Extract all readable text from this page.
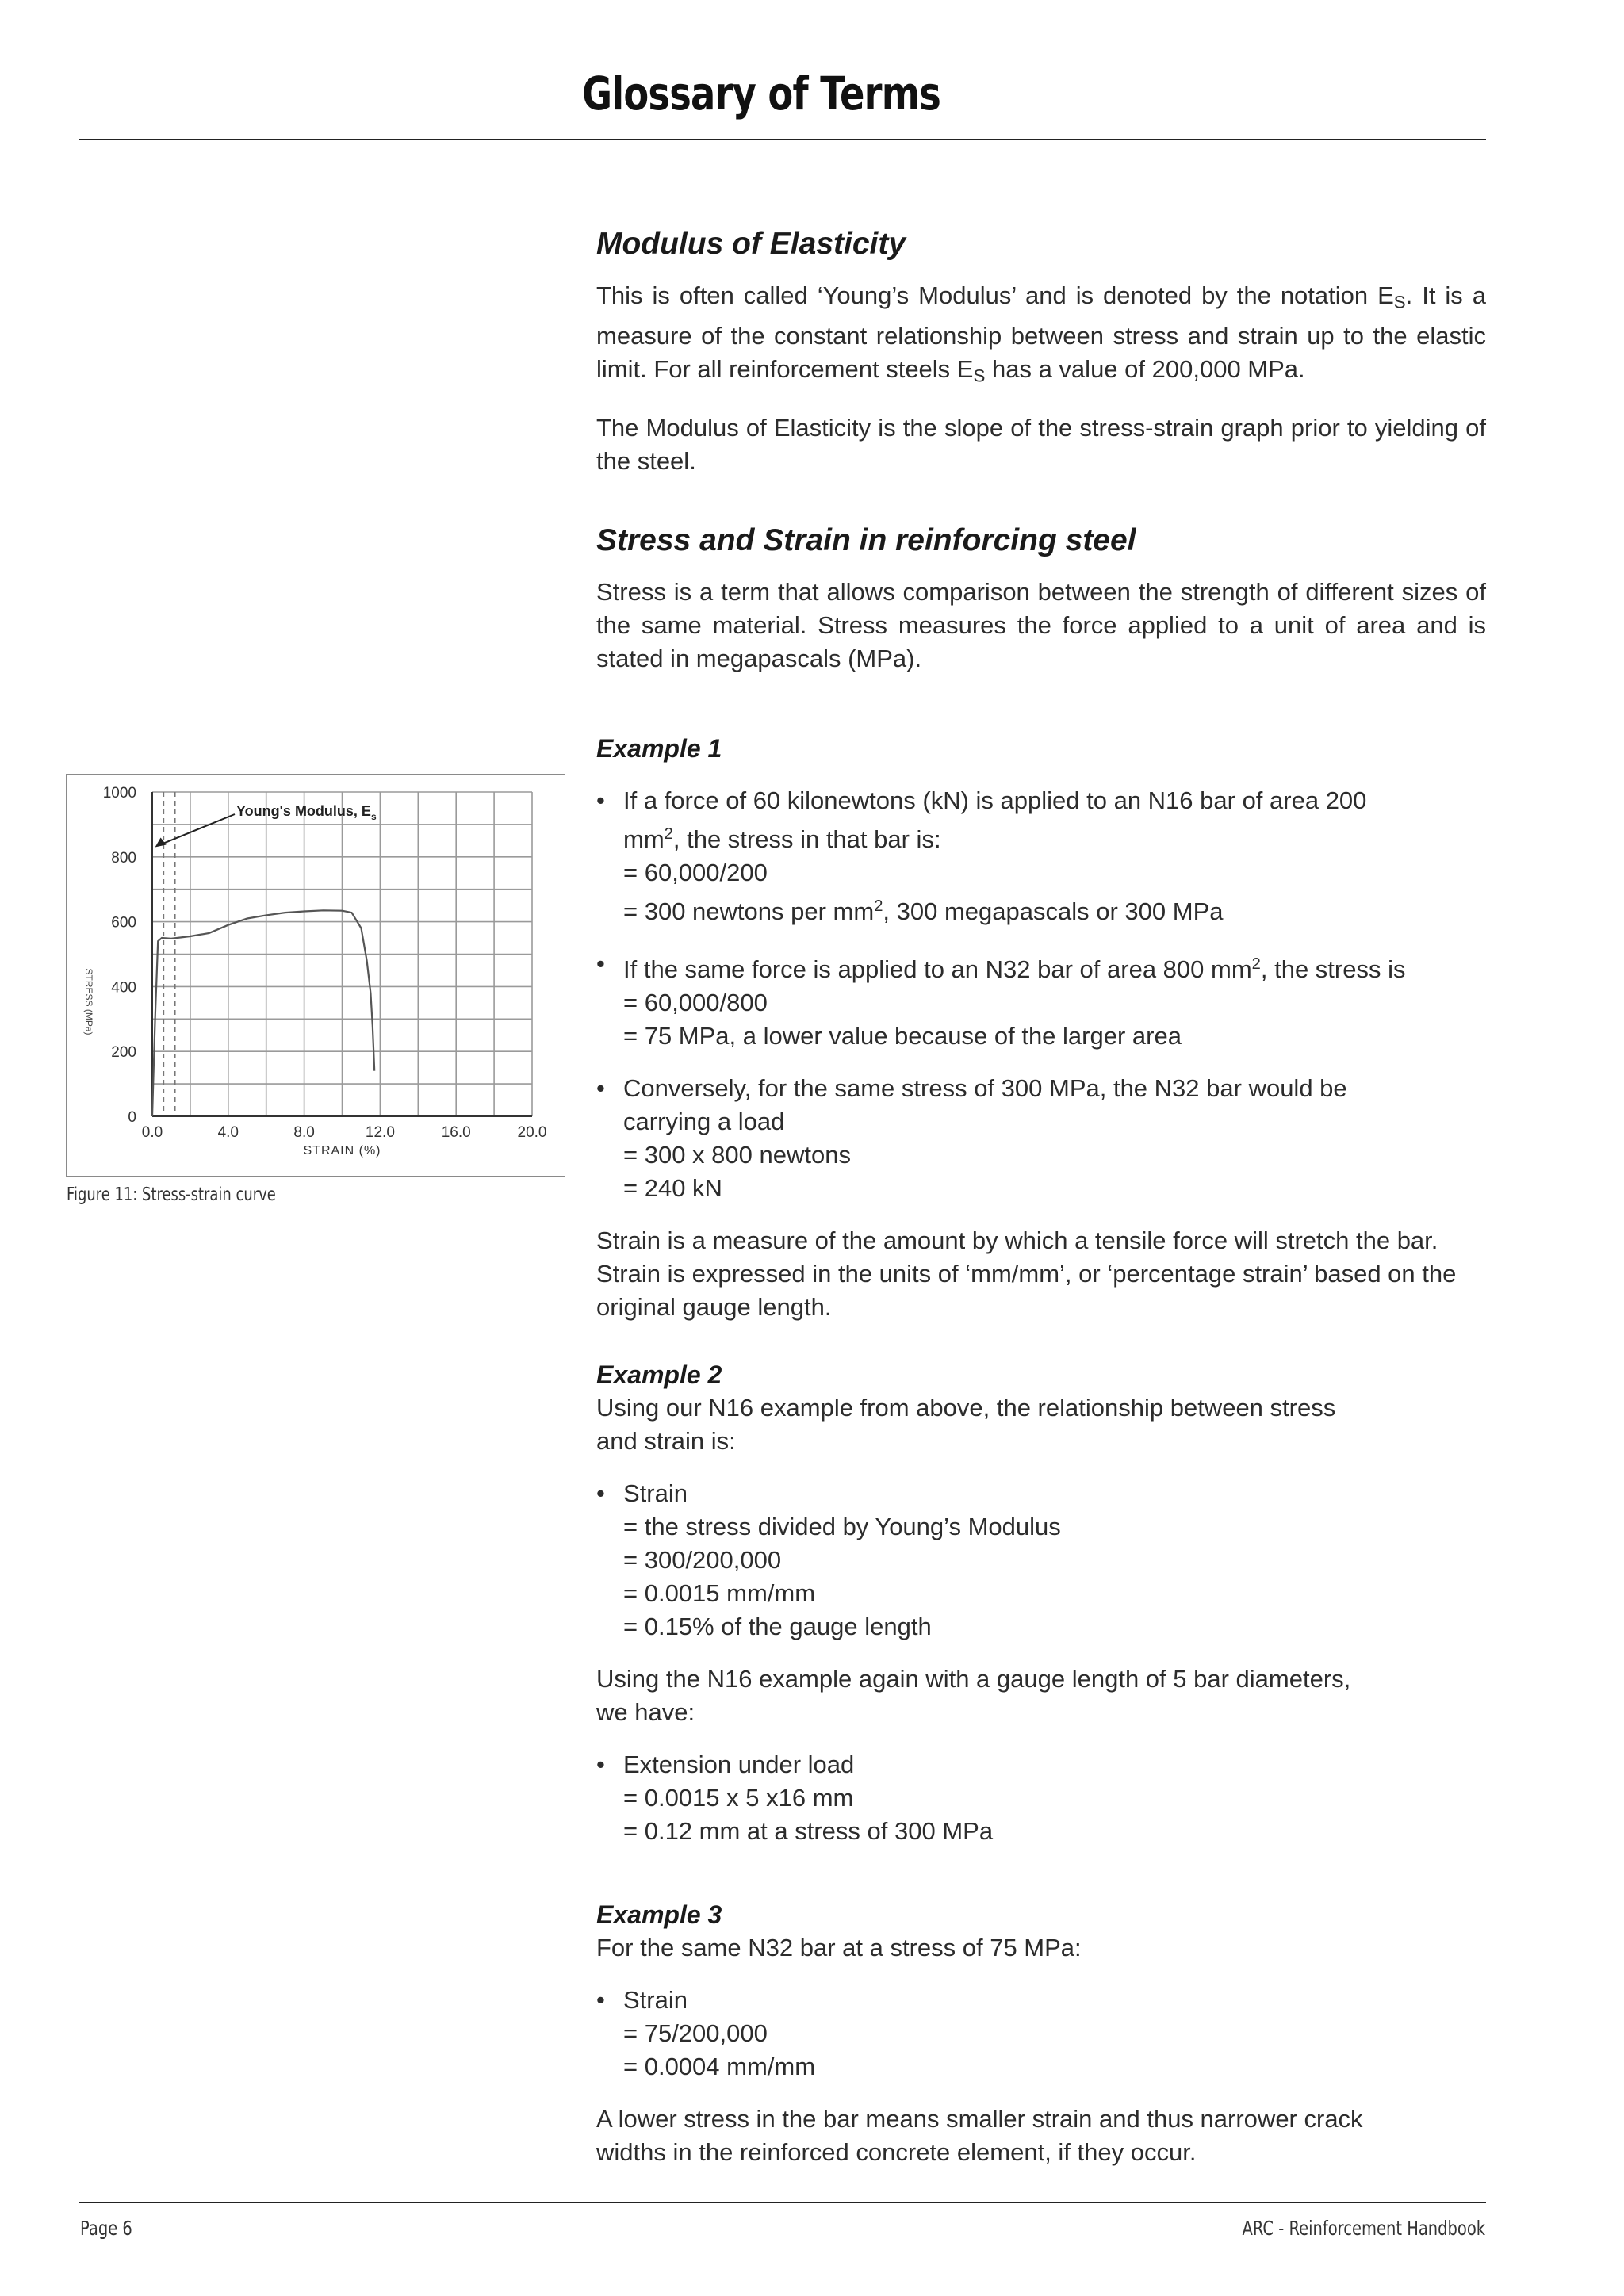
Glossary of Terms
0
200
400
600
800
1000
0.0	4.0	8.0	12.0	16.0	20.0
STRAIN (%)
STRESS (MPa)
Young's Modulus, $E_s$
Figure 11: Stress-strain curve
Modulus of Elasticity

This is often called ‘Young’s Modulus’ and is denoted by the notation $E_S$. It is a measure of the constant relationship between stress and strain up to the elastic limit. For all reinforcement steels $E_S$ has a value of 200,000 MPa.

The Modulus of Elasticity is the slope of the stress-strain graph prior to yielding of the steel.

Stress and Strain in reinforcing steel

Stress is a term that allows comparison between the strength of different sizes of the same material. Stress measures the force applied to a unit of area and is stated in megapascals (MPa).

Example 1
• If a force of 60 kilonewtons (kN) is applied to an N16 bar of area 200
$mm^2$, the stress in that bar is:
= 60,000/200
= 300 newtons per $mm^2$, 300 megapascals or 300 MPa
• If the same force is applied to an N32 bar of area 800 $mm^2$, the stress is
= 60,000/800
= 75 MPa, a lower value because of the larger area
• Conversely, for the same stress of 300 MPa, the N32 bar would be
carrying a load
= 300 x 800 newtons
= 240 kN

Strain is a measure of the amount by which a tensile force will stretch the bar. Strain is expressed in the units of ‘mm/mm’, or ‘percentage strain’ based on the original gauge length.

Example 2

Using our N16 example from above, the relationship between stress
and strain is:

• Strain
= the stress divided by Young’s Modulus
= 300/200,000
= 0.0015 mm/mm
= 0.15% of the gauge length

Using the N16 example again with a gauge length of 5 bar diameters,
we have:

• Extension under load
= 0.0015 x 5 x16 mm
= 0.12 mm at a stress of 300 MPa
Example 3

For the same N32 bar at a stress of 75 MPa:

• Strain
= 75/200,000
= 0.0004 mm/mm

A lower stress in the bar means smaller strain and thus narrower crack
widths in the reinforced concrete element, if they occur.

Page 6	ARC - Reinforcement Handbook
